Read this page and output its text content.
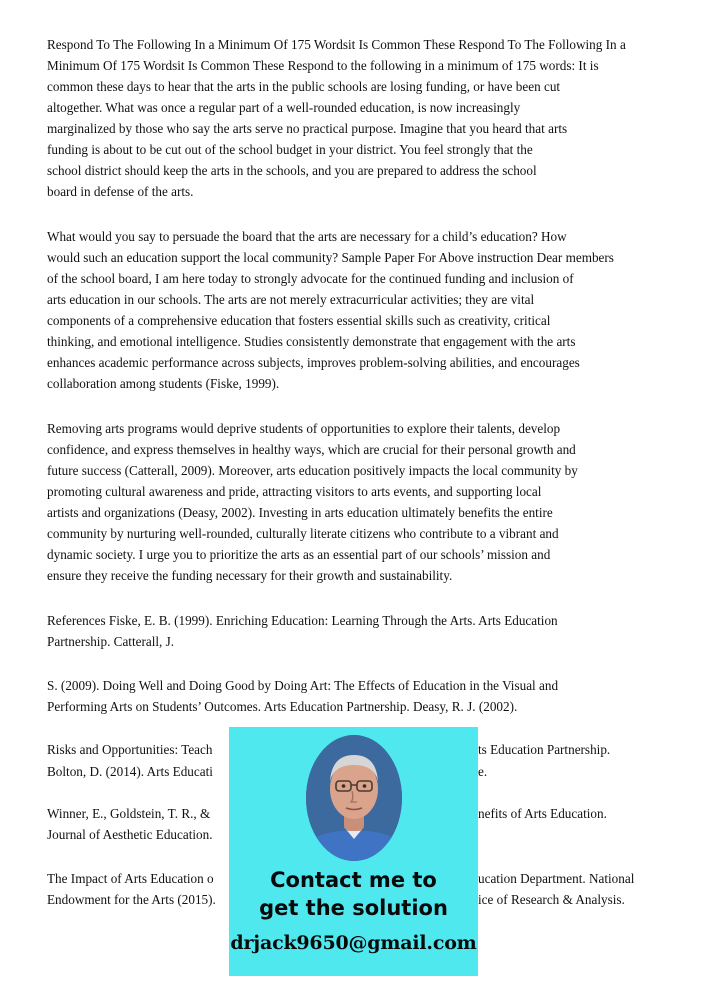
Respond To The Following In a Minimum Of 175 Wordsit Is Common These Respond To The Following In a
Minimum Of 175 Wordsit Is Common These Respond to the following in a minimum of 175 words: It is
common these days to hear that the arts in the public schools are losing funding, or have been cut
altogether. What was once a regular part of a well-rounded education, is now increasingly
marginalized by those who say the arts serve no practical purpose. Imagine that you heard that arts
funding is about to be cut out of the school budget in your district. You feel strongly that the
school district should keep the arts in the schools, and you are prepared to address the school
board in defense of the arts.
What would you say to persuade the board that the arts are necessary for a child’s education? How
would such an education support the local community? Sample Paper For Above instruction Dear members
of the school board, I am here today to strongly advocate for the continued funding and inclusion of
arts education in our schools. The arts are not merely extracurricular activities; they are vital
components of a comprehensive education that fosters essential skills such as creativity, critical
thinking, and emotional intelligence. Studies consistently demonstrate that engagement with the arts
enhances academic performance across subjects, improves problem-solving abilities, and encourages
collaboration among students (Fiske, 1999).
Removing arts programs would deprive students of opportunities to explore their talents, develop
confidence, and express themselves in healthy ways, which are crucial for their personal growth and
future success (Catterall, 2009). Moreover, arts education positively impacts the local community by
promoting cultural awareness and pride, attracting visitors to arts events, and supporting local
artists and organizations (Deasy, 2002). Investing in arts education ultimately benefits the entire
community by nurturing well-rounded, culturally literate citizens who contribute to a vibrant and
dynamic society. I urge you to prioritize the arts as an essential part of our schools’ mission and
ensure they receive the funding necessary for their growth and sustainability.
References Fiske, E. B. (1999). Enriching Education: Learning Through the Arts. Arts Education
Partnership. Catterall, J.
S. (2009). Doing Well and Doing Good by Doing Art: The Effects of Education in the Visual and
Performing Arts on Students’ Outcomes. Arts Education Partnership. Deasy, R. J. (2002).
Risks and Opportunities: Teach	ts Education Partnership.
Bolton, D. (2014). Arts Educati	e.
Winner, E., Goldstein, T. R., &	nefits of Arts Education.
Journal of Aesthetic Education.
The Impact of Arts Education o	ucation Department. National
Endowment for the Arts (2015).	ice of Research & Analysis.
Contact me to
get the solution
drjack9650@gmail.com
